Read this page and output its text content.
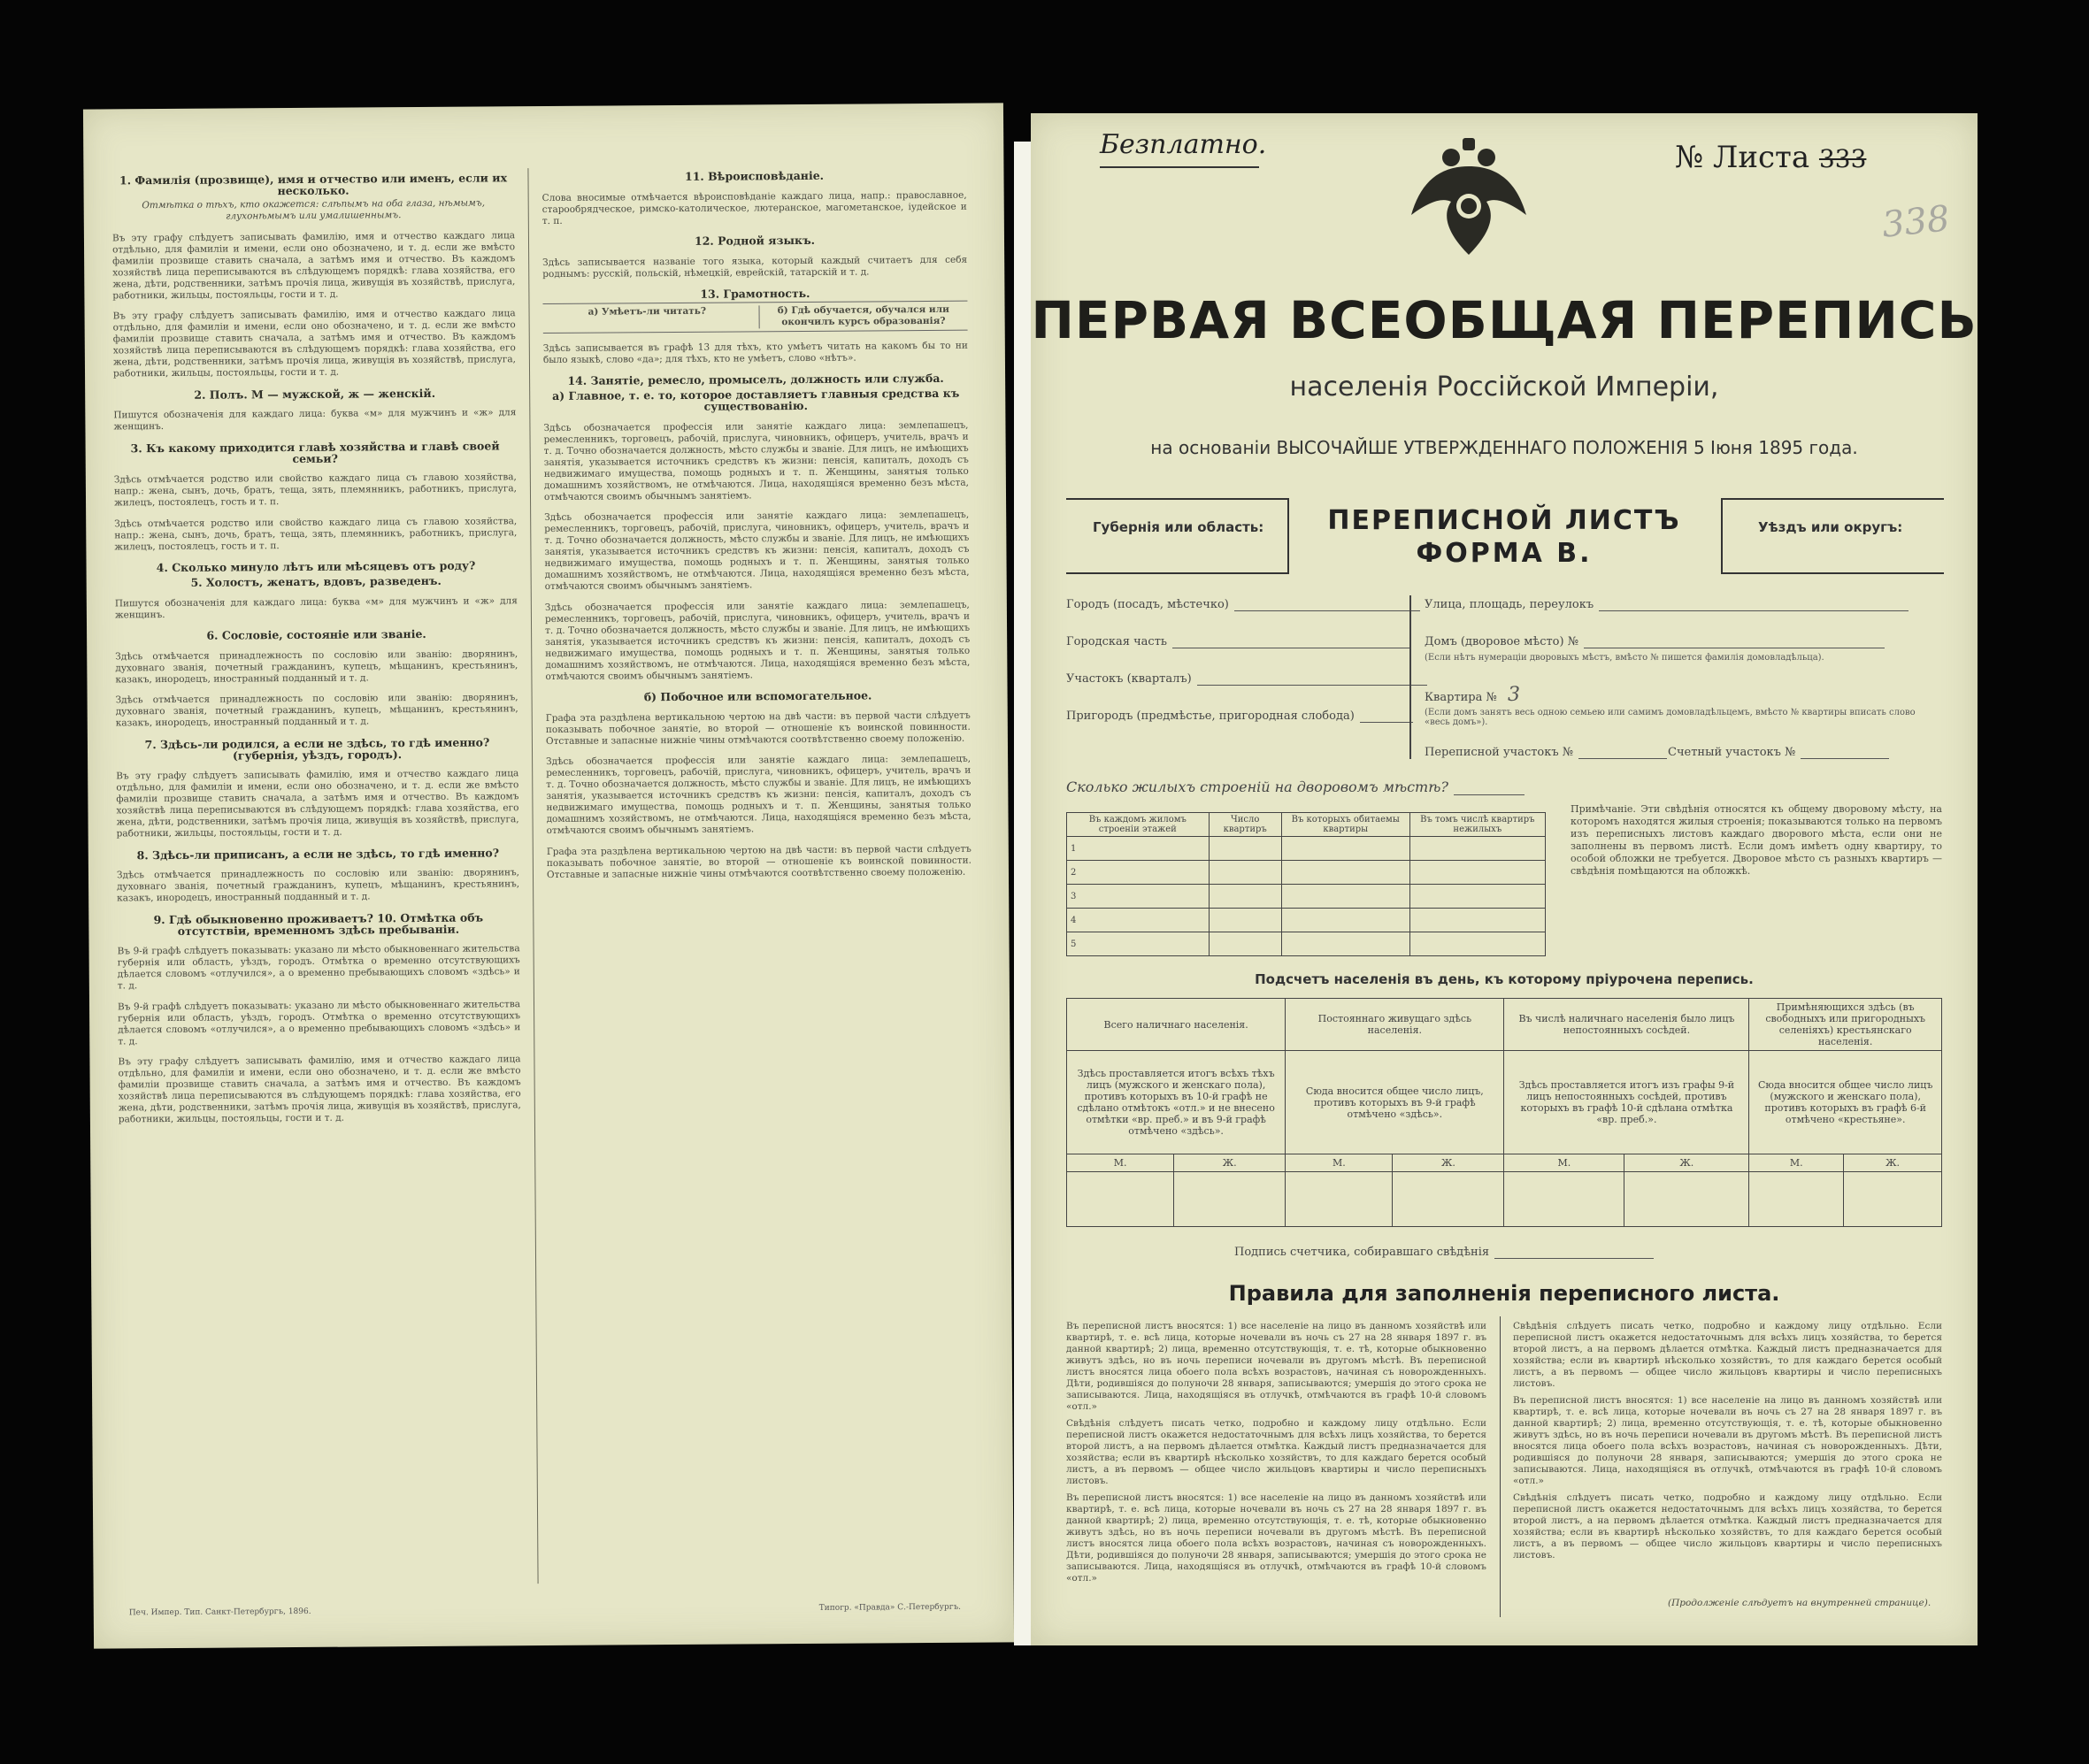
1. Фамилія (прозвище), имя и отчество или именъ, если их несколько.
Отмѣтка о тѣхъ, кто окажется: слѣпымъ на оба глаза, нѣмымъ, глухонѣмымъ или умалишеннымъ.

Въ эту графу слѣдуетъ записывать фамилію, имя и отчество каждаго лица отдѣльно, для фамиліи и имени, если оно обозначено, и т. д. если же вмѣсто фамиліи прозвище ставить сначала, а затѣмъ имя и отчество. Въ каждомъ хозяйствѣ лица переписываются въ слѣдующемъ порядкѣ: глава хозяйства, его жена, дѣти, родственники, затѣмъ прочія лица, живущія въ хозяйствѣ, прислуга, работники, жильцы, постояльцы, гости и т. д.

Въ эту графу слѣдуетъ записывать фамилію, имя и отчество каждаго лица отдѣльно, для фамиліи и имени, если оно обозначено, и т. д. если же вмѣсто фамиліи прозвище ставить сначала, а затѣмъ имя и отчество. Въ каждомъ хозяйствѣ лица переписываются въ слѣдующемъ порядкѣ: глава хозяйства, его жена, дѣти, родственники, затѣмъ прочія лица, живущія въ хозяйствѣ, прислуга, работники, жильцы, постояльцы, гости и т. д.

2. Полъ. М — мужской, ж — женскій.

Пишутся обозначенія для каждаго лица: буква «м» для мужчинъ и «ж» для женщинъ.

3. Къ какому приходится главѣ хозяйства и главѣ своей семьи?

Здѣсь отмѣчается родство или свойство каждаго лица съ главою хозяйства, напр.: жена, сынъ, дочь, братъ, теща, зять, племянникъ, работникъ, прислуга, жилецъ, постоялецъ, гость и т. п.

Здѣсь отмѣчается родство или свойство каждаго лица съ главою хозяйства, напр.: жена, сынъ, дочь, братъ, теща, зять, племянникъ, работникъ, прислуга, жилецъ, постоялецъ, гость и т. п.

4. Сколько минуло лѣтъ или мѣсяцевъ отъ роду?
5. Холостъ, женатъ, вдовъ, разведенъ.

Пишутся обозначенія для каждаго лица: буква «м» для мужчинъ и «ж» для женщинъ.

6. Сословіе, состояніе или званіе.

Здѣсь отмѣчается принадлежность по сословію или званію: дворянинъ, духовнаго званія, почетный гражданинъ, купецъ, мѣщанинъ, крестьянинъ, казакъ, инородецъ, иностранный подданный и т. д.

Здѣсь отмѣчается принадлежность по сословію или званію: дворянинъ, духовнаго званія, почетный гражданинъ, купецъ, мѣщанинъ, крестьянинъ, казакъ, инородецъ, иностранный подданный и т. д.

7. Здѣсь-ли родился, а если не здѣсь, то гдѣ именно? (губернія, уѣздъ, городъ).

Въ эту графу слѣдуетъ записывать фамилію, имя и отчество каждаго лица отдѣльно, для фамиліи и имени, если оно обозначено, и т. д. если же вмѣсто фамиліи прозвище ставить сначала, а затѣмъ имя и отчество. Въ каждомъ хозяйствѣ лица переписываются въ слѣдующемъ порядкѣ: глава хозяйства, его жена, дѣти, родственники, затѣмъ прочія лица, живущія въ хозяйствѣ, прислуга, работники, жильцы, постояльцы, гости и т. д.

8. Здѣсь-ли приписанъ, а если не здѣсь, то гдѣ именно?

Здѣсь отмѣчается принадлежность по сословію или званію: дворянинъ, духовнаго званія, почетный гражданинъ, купецъ, мѣщанинъ, крестьянинъ, казакъ, инородецъ, иностранный подданный и т. д.

9. Гдѣ обыкновенно проживаетъ? 10. Отмѣтка объ отсутствіи, временномъ здѣсь пребываніи.

Въ 9-й графѣ слѣдуетъ показывать: указано ли мѣсто обыкновеннаго жительства губернія или область, уѣздъ, городъ. Отмѣтка о временно отсутствующихъ дѣлается словомъ «отлучился», а о временно пребывающихъ словомъ «здѣсь» и т. д.

Въ 9-й графѣ слѣдуетъ показывать: указано ли мѣсто обыкновеннаго жительства губернія или область, уѣздъ, городъ. Отмѣтка о временно отсутствующихъ дѣлается словомъ «отлучился», а о временно пребывающихъ словомъ «здѣсь» и т. д.

Въ эту графу слѣдуетъ записывать фамилію, имя и отчество каждаго лица отдѣльно, для фамиліи и имени, если оно обозначено, и т. д. если же вмѣсто фамиліи прозвище ставить сначала, а затѣмъ имя и отчество. Въ каждомъ хозяйствѣ лица переписываются въ слѣдующемъ порядкѣ: глава хозяйства, его жена, дѣти, родственники, затѣмъ прочія лица, живущія въ хозяйствѣ, прислуга, работники, жильцы, постояльцы, гости и т. д.

11. Вѣроисповѣданіе.

Слова вносимые отмѣчается вѣроисповѣданіе каждаго лица, напр.: православное, старообрядческое, римско-католическое, лютеранское, магометанское, іудейское и т. п.

12. Родной языкъ.

Здѣсь записывается названіе того языка, который каждый считаетъ для себя роднымъ: русскій, польскій, нѣмецкій, еврейскій, татарскій и т. д.

13. Грамотность.
а) Умѣетъ-ли читать?	б) Гдѣ обучается, обучался или окончилъ курсъ образованія?

Здѣсь записывается въ графѣ 13 для тѣхъ, кто умѣетъ читать на какомъ бы то ни было языкѣ, слово «да»; для тѣхъ, кто не умѣетъ, слово «нѣтъ».

14. Занятіе, ремесло, промыселъ, должность или служба.
а) Главное, т. е. то, которое доставляетъ главныя средства къ существованію.

Здѣсь обозначается профессія или занятіе каждаго лица: землепашецъ, ремесленникъ, торговецъ, рабочій, прислуга, чиновникъ, офицеръ, учитель, врачъ и т. д. Точно обозначается должность, мѣсто службы и званіе. Для лицъ, не имѣющихъ занятія, указывается источникъ средствъ къ жизни: пенсія, капиталъ, доходъ съ недвижимаго имущества, помощь родныхъ и т. п. Женщины, занятыя только домашнимъ хозяйствомъ, не отмѣчаются. Лица, находящіяся временно безъ мѣста, отмѣчаются своимъ обычнымъ занятіемъ.

Здѣсь обозначается профессія или занятіе каждаго лица: землепашецъ, ремесленникъ, торговецъ, рабочій, прислуга, чиновникъ, офицеръ, учитель, врачъ и т. д. Точно обозначается должность, мѣсто службы и званіе. Для лицъ, не имѣющихъ занятія, указывается источникъ средствъ къ жизни: пенсія, капиталъ, доходъ съ недвижимаго имущества, помощь родныхъ и т. п. Женщины, занятыя только домашнимъ хозяйствомъ, не отмѣчаются. Лица, находящіяся временно безъ мѣста, отмѣчаются своимъ обычнымъ занятіемъ.

Здѣсь обозначается профессія или занятіе каждаго лица: землепашецъ, ремесленникъ, торговецъ, рабочій, прислуга, чиновникъ, офицеръ, учитель, врачъ и т. д. Точно обозначается должность, мѣсто службы и званіе. Для лицъ, не имѣющихъ занятія, указывается источникъ средствъ къ жизни: пенсія, капиталъ, доходъ съ недвижимаго имущества, помощь родныхъ и т. п. Женщины, занятыя только домашнимъ хозяйствомъ, не отмѣчаются. Лица, находящіяся временно безъ мѣста, отмѣчаются своимъ обычнымъ занятіемъ.

б) Побочное или вспомогательное.

Графа эта раздѣлена вертикальною чертою на двѣ части: въ первой части слѣдуетъ показывать побочное занятіе, во второй — отношеніе къ воинской повинности. Отставные и запасные нижніе чины отмѣчаются соотвѣтственно своему положенію.

Здѣсь обозначается профессія или занятіе каждаго лица: землепашецъ, ремесленникъ, торговецъ, рабочій, прислуга, чиновникъ, офицеръ, учитель, врачъ и т. д. Точно обозначается должность, мѣсто службы и званіе. Для лицъ, не имѣющихъ занятія, указывается источникъ средствъ къ жизни: пенсія, капиталъ, доходъ съ недвижимаго имущества, помощь родныхъ и т. п. Женщины, занятыя только домашнимъ хозяйствомъ, не отмѣчаются. Лица, находящіяся временно безъ мѣста, отмѣчаются своимъ обычнымъ занятіемъ.

Графа эта раздѣлена вертикальною чертою на двѣ части: въ первой части слѣдуетъ показывать побочное занятіе, во второй — отношеніе къ воинской повинности. Отставные и запасные нижніе чины отмѣчаются соотвѣтственно своему положенію.

Печ. Импер. Тип. Санкт-Петербургъ, 1896.	Типогр. «Правда» С.-Петербургъ.
Безплатно.	№ Листа 333
338
ПЕРВАЯ ВСЕОБЩАЯ ПЕРЕПИСЬ
населенія Россійской Имперіи,
на основаніи ВЫСОЧАЙШЕ УТВЕРЖДЕННАГО ПОЛОЖЕНІЯ 5 Іюня 1895 года.
Губернія или область:	ПЕРЕПИСНОЙ ЛИСТЪ
ФОРМА В.
Уѣздъ или округъ:
Городъ (посадъ, мѣстечко)
Городская часть
Участокъ (кварталъ)
Пригородъ (предмѣстье, пригородная слобода)
Улица, площадь, переулокъ
Домъ (дворовое мѣсто) №
(Если нѣтъ нумераціи дворовыхъ мѣстъ, вмѣсто № пишется фамилія домовладѣльца).
Квартира № 3
(Если домъ занятъ весь одною семьею или самимъ домовладѣльцемъ, вмѣсто № квартиры вписать слово «весь домъ»).
Переписной участокъ №	Счетный участокъ №
Сколько жилыхъ строеній на дворовомъ мѣстѣ?
Въ каждомъ жиломъ строеніи этажей	Число квартиръ	Въ которыхъ обитаемы квартиры	Въ томъ числѣ квартиръ нежилыхъ
1			
2			
3			
4			
5			
Примѣчаніе. Эти свѣдѣнія относятся къ общему дворовому мѣсту, на которомъ находятся жилыя строенія; показываются только на первомъ изъ переписныхъ листовъ каждаго дворового мѣста, если они не заполнены въ первомъ листѣ. Если домъ имѣетъ одну квартиру, то особой обложки не требуется. Дворовое мѣсто съ разныхъ квартиръ — свѣдѣнія помѣщаются на обложкѣ.
Подсчетъ населенія въ день, къ которому пріурочена перепись.
Всего наличнаго населенія.		Постояннаго живущаго здѣсь населенія.		Въ числѣ наличнаго населенія было лицъ непостоянныхъ сосѣдей.		Примѣняющихся здѣсь (въ свободныхъ или пригородныхъ селеніяхъ) крестьянскаго населенія.	
Здѣсь проставляется итогъ всѣхъ тѣхъ лицъ (мужского и женскаго пола), противъ которыхъ въ 10-й графѣ не сдѣлано отмѣтокъ «отл.» и не внесено отмѣтки «вр. преб.» и въ 9-й графѣ отмѣчено «здѣсь».		Сюда вносится общее число лицъ, противъ которыхъ въ 9-й графѣ отмѣчено «здѣсь».		Здѣсь проставляется итогъ изъ графы 9-й лицъ непостоянныхъ сосѣдей, противъ которыхъ въ графѣ 10-й сдѣлана отмѣтка «вр. преб.».		Сюда вносится общее число лицъ (мужского и женскаго пола), противъ которыхъ въ графѣ 6-й отмѣчено «крестьяне».	
М.	Ж.	М.	Ж.	М.	Ж.	М.	Ж.

Подпись счетчика, собиравшаго свѣдѣнія
Правила для заполненія переписного листа.

Въ переписной листъ вносятся: 1) все населеніе на лицо въ данномъ хозяйствѣ или квартирѣ, т. е. всѣ лица, которые ночевали въ ночь съ 27 на 28 января 1897 г. въ данной квартирѣ; 2) лица, временно отсутствующія, т. е. тѣ, которые обыкновенно живутъ здѣсь, но въ ночь переписи ночевали въ другомъ мѣстѣ. Въ переписной листъ вносятся лица обоего пола всѣхъ возрастовъ, начиная съ новорожденныхъ. Дѣти, родившіяся до полуночи 28 января, записываются; умершія до этого срока не записываются. Лица, находящіяся въ отлучкѣ, отмѣчаются въ графѣ 10-й словомъ «отл.»

Свѣдѣнія слѣдуетъ писать четко, подробно и каждому лицу отдѣльно. Если переписной листъ окажется недостаточнымъ для всѣхъ лицъ хозяйства, то берется второй листъ, а на первомъ дѣлается отмѣтка. Каждый листъ предназначается для хозяйства; если въ квартирѣ нѣсколько хозяйствъ, то для каждаго берется особый листъ, а въ первомъ — общее число жильцовъ квартиры и число переписныхъ листовъ.

Въ переписной листъ вносятся: 1) все населеніе на лицо въ данномъ хозяйствѣ или квартирѣ, т. е. всѣ лица, которые ночевали въ ночь съ 27 на 28 января 1897 г. въ данной квартирѣ; 2) лица, временно отсутствующія, т. е. тѣ, которые обыкновенно живутъ здѣсь, но въ ночь переписи ночевали въ другомъ мѣстѣ. Въ переписной листъ вносятся лица обоего пола всѣхъ возрастовъ, начиная съ новорожденныхъ. Дѣти, родившіяся до полуночи 28 января, записываются; умершія до этого срока не записываются. Лица, находящіяся въ отлучкѣ, отмѣчаются въ графѣ 10-й словомъ «отл.»

Свѣдѣнія слѣдуетъ писать четко, подробно и каждому лицу отдѣльно. Если переписной листъ окажется недостаточнымъ для всѣхъ лицъ хозяйства, то берется второй листъ, а на первомъ дѣлается отмѣтка. Каждый листъ предназначается для хозяйства; если въ квартирѣ нѣсколько хозяйствъ, то для каждаго берется особый листъ, а въ первомъ — общее число жильцовъ квартиры и число переписныхъ листовъ.

Въ переписной листъ вносятся: 1) все населеніе на лицо въ данномъ хозяйствѣ или квартирѣ, т. е. всѣ лица, которые ночевали въ ночь съ 27 на 28 января 1897 г. въ данной квартирѣ; 2) лица, временно отсутствующія, т. е. тѣ, которые обыкновенно живутъ здѣсь, но въ ночь переписи ночевали въ другомъ мѣстѣ. Въ переписной листъ вносятся лица обоего пола всѣхъ возрастовъ, начиная съ новорожденныхъ. Дѣти, родившіяся до полуночи 28 января, записываются; умершія до этого срока не записываются. Лица, находящіяся въ отлучкѣ, отмѣчаются въ графѣ 10-й словомъ «отл.»

Свѣдѣнія слѣдуетъ писать четко, подробно и каждому лицу отдѣльно. Если переписной листъ окажется недостаточнымъ для всѣхъ лицъ хозяйства, то берется второй листъ, а на первомъ дѣлается отмѣтка. Каждый листъ предназначается для хозяйства; если въ квартирѣ нѣсколько хозяйствъ, то для каждаго берется особый листъ, а въ первомъ — общее число жильцовъ квартиры и число переписныхъ листовъ.

(Продолженіе слѣдуетъ на внутренней странице).
